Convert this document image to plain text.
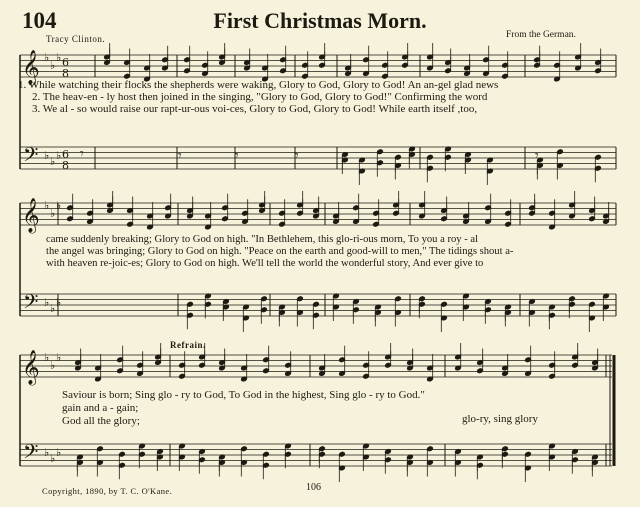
104	First Christmas Morn.
Tracy Clinton.	From the German.
𝄞
𝄢
♭
♭
♭
♭
♭
♭
6
8
6
8
𝄞
𝄢
♭
♭
♭
♭
♭
♭
𝄞
𝄢
♭
♭
♭
♭
♭
♭
𝄾	𝄾	𝄾	𝄾	𝄾
1. While watching their flocks the shepherds were waking, Glory to God, Glory to God! An an-gel glad news
2. The heav-en - ly host then joined in the singing, "Glory to God, Glory to God!" Confirming the word
3. We al - so would raise our rapt-ur-ous voi-ces, Glory to God, Glory to God! While earth itself ,too,
came suddenly breaking; Glory to God on high. "In Bethlehem, this glo-ri-ous morn, To you a roy - al
the angel was bringing; Glory to God on high. "Peace on the earth and good-will to men," The tidings shout a-
with heaven re-joic-es; Glory to God on high. We'll tell the world the wonderful story, And ever give to
Refrain.
Saviour is born; Sing glo - ry to God, To God in the highest, Sing glo - ry to God."
gain and a - gain;
God all the glory;	glo-ry, sing glory
Copyright, 1890, by T. C. O'Kane.	106
